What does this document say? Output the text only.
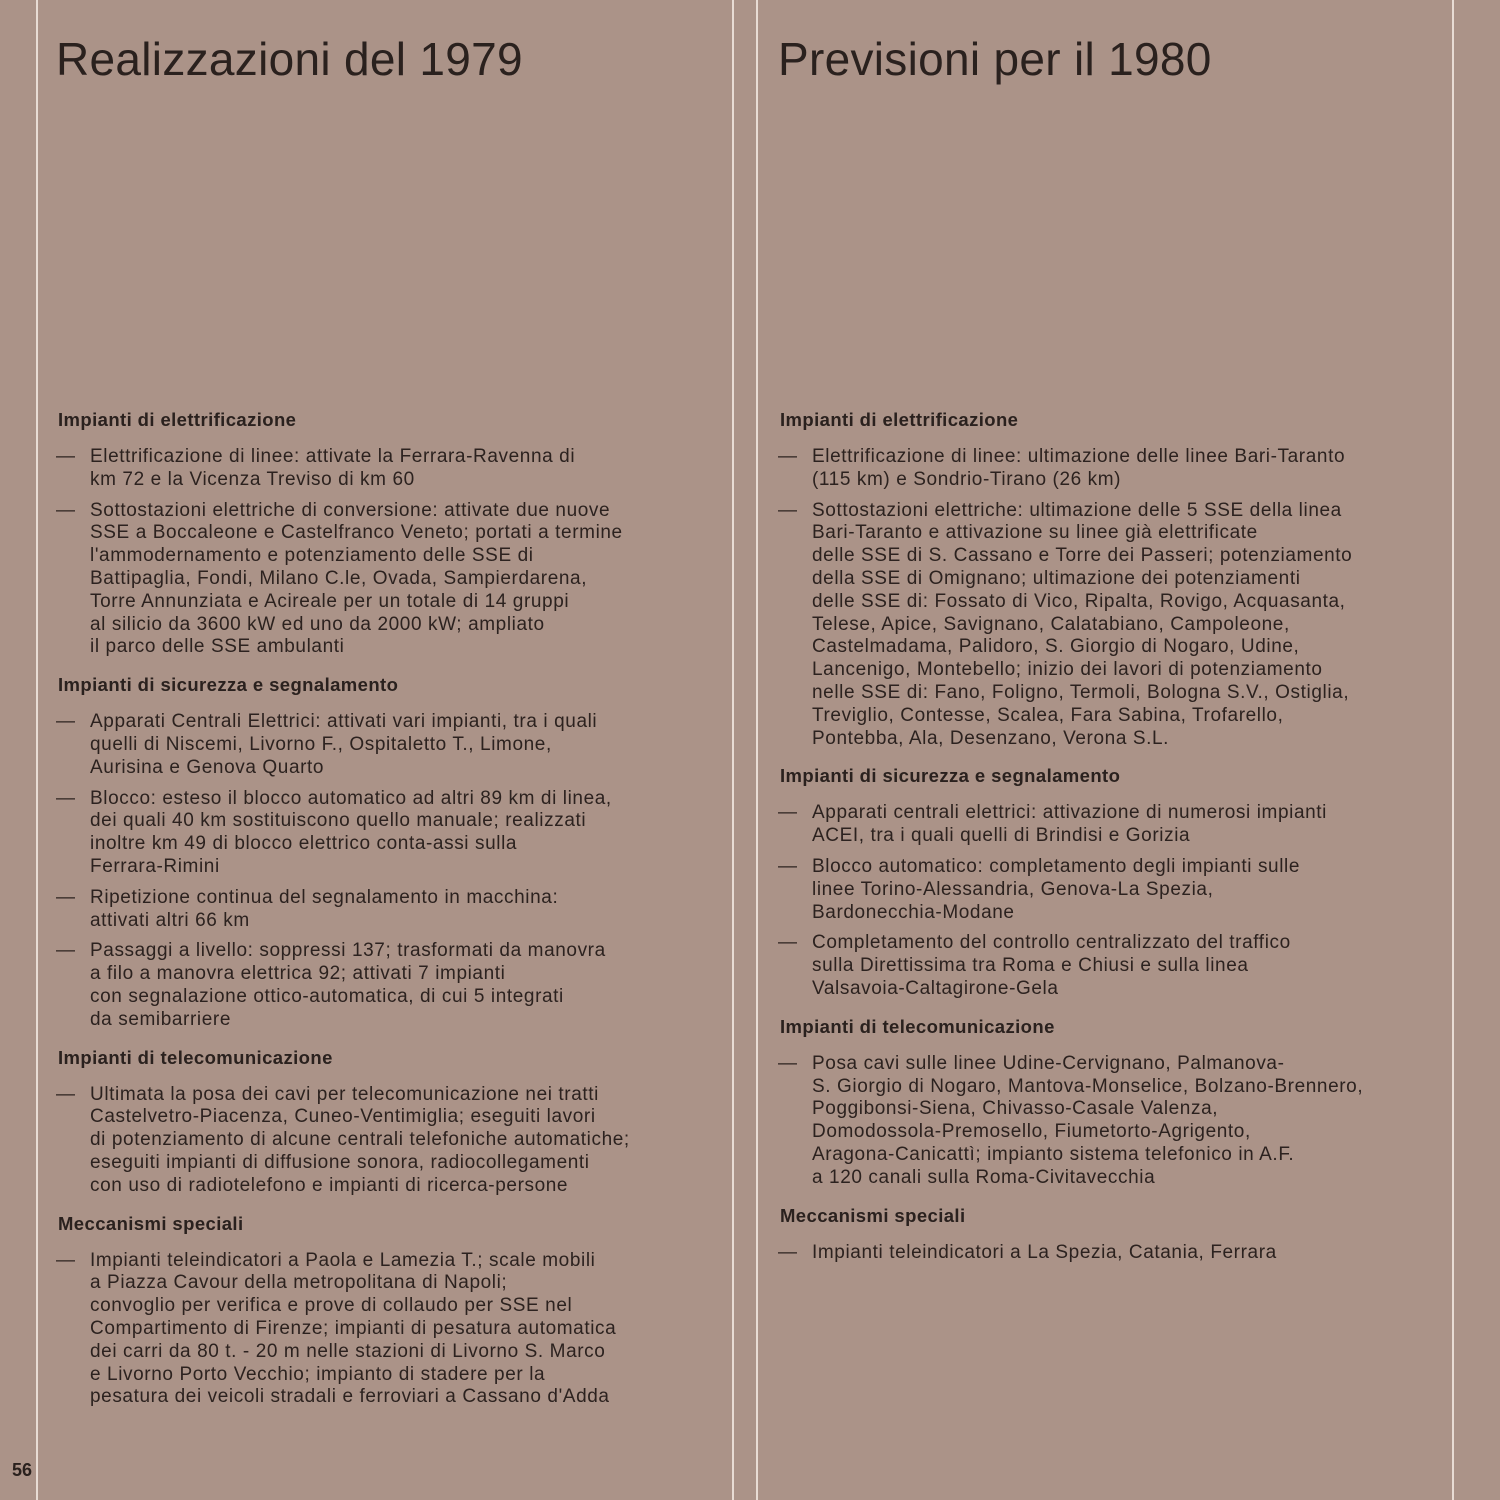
Realizzazioni del 1979
Impianti di elettrificazione
— Elettrificazione di linee: attivate la Ferrara-Ravenna di
km 72 e la Vicenza Treviso di km 60
— Sottostazioni elettriche di conversione: attivate due nuove
SSE a Boccaleone e Castelfranco Veneto; portati a termine
l'ammodernamento e potenziamento delle SSE di
Battipaglia, Fondi, Milano C.le, Ovada, Sampierdarena,
Torre Annunziata e Acireale per un totale di 14 gruppi
al silicio da 3600 kW ed uno da 2000 kW; ampliato
il parco delle SSE ambulanti
Impianti di sicurezza e segnalamento
— Apparati Centrali Elettrici: attivati vari impianti, tra i quali
quelli di Niscemi, Livorno F., Ospitaletto T., Limone,
Aurisina e Genova Quarto
— Blocco: esteso il blocco automatico ad altri 89 km di linea,
dei quali 40 km sostituiscono quello manuale; realizzati
inoltre km 49 di blocco elettrico conta-assi sulla
Ferrara-Rimini
— Ripetizione continua del segnalamento in macchina:
attivati altri 66 km
— Passaggi a livello: soppressi 137; trasformati da manovra
a filo a manovra elettrica 92; attivati 7 impianti
con segnalazione ottico-automatica, di cui 5 integrati
da semibarriere
Impianti di telecomunicazione
— Ultimata la posa dei cavi per telecomunicazione nei tratti
Castelvetro-Piacenza, Cuneo-Ventimiglia; eseguiti lavori
di potenziamento di alcune centrali telefoniche automatiche;
eseguiti impianti di diffusione sonora, radiocollegamenti
con uso di radiotelefono e impianti di ricerca-persone
Meccanismi speciali
— Impianti teleindicatori a Paola e Lamezia T.; scale mobili
a Piazza Cavour della metropolitana di Napoli;
convoglio per verifica e prove di collaudo per SSE nel
Compartimento di Firenze; impianti di pesatura automatica
dei carri da 80 t. - 20 m nelle stazioni di Livorno S. Marco
e Livorno Porto Vecchio; impianto di stadere per la
pesatura dei veicoli stradali e ferroviari a Cassano d'Adda
Previsioni per il 1980
Impianti di elettrificazione
— Elettrificazione di linee: ultimazione delle linee Bari-Taranto
(115 km) e Sondrio-Tirano (26 km)
— Sottostazioni elettriche: ultimazione delle 5 SSE della linea
Bari-Taranto e attivazione su linee già elettrificate
delle SSE di S. Cassano e Torre dei Passeri; potenziamento
della SSE di Omignano; ultimazione dei potenziamenti
delle SSE di: Fossato di Vico, Ripalta, Rovigo, Acquasanta,
Telese, Apice, Savignano, Calatabiano, Campoleone,
Castelmadama, Palidoro, S. Giorgio di Nogaro, Udine,
Lancenigo, Montebello; inizio dei lavori di potenziamento
nelle SSE di: Fano, Foligno, Termoli, Bologna S.V., Ostiglia,
Treviglio, Contesse, Scalea, Fara Sabina, Trofarello,
Pontebba, Ala, Desenzano, Verona S.L.
Impianti di sicurezza e segnalamento
— Apparati centrali elettrici: attivazione di numerosi impianti
ACEI, tra i quali quelli di Brindisi e Gorizia
— Blocco automatico: completamento degli impianti sulle
linee Torino-Alessandria, Genova-La Spezia,
Bardonecchia-Modane
— Completamento del controllo centralizzato del traffico
sulla Direttissima tra Roma e Chiusi e sulla linea
Valsavoia-Caltagirone-Gela
Impianti di telecomunicazione
— Posa cavi sulle linee Udine-Cervignano, Palmanova-
S. Giorgio di Nogaro, Mantova-Monselice, Bolzano-Brennero,
Poggibonsi-Siena, Chivasso-Casale Valenza,
Domodossola-Premosello, Fiumetorto-Agrigento,
Aragona-Canicattì; impianto sistema telefonico in A.F.
a 120 canali sulla Roma-Civitavecchia
Meccanismi speciali
— Impianti teleindicatori a La Spezia, Catania, Ferrara
56
